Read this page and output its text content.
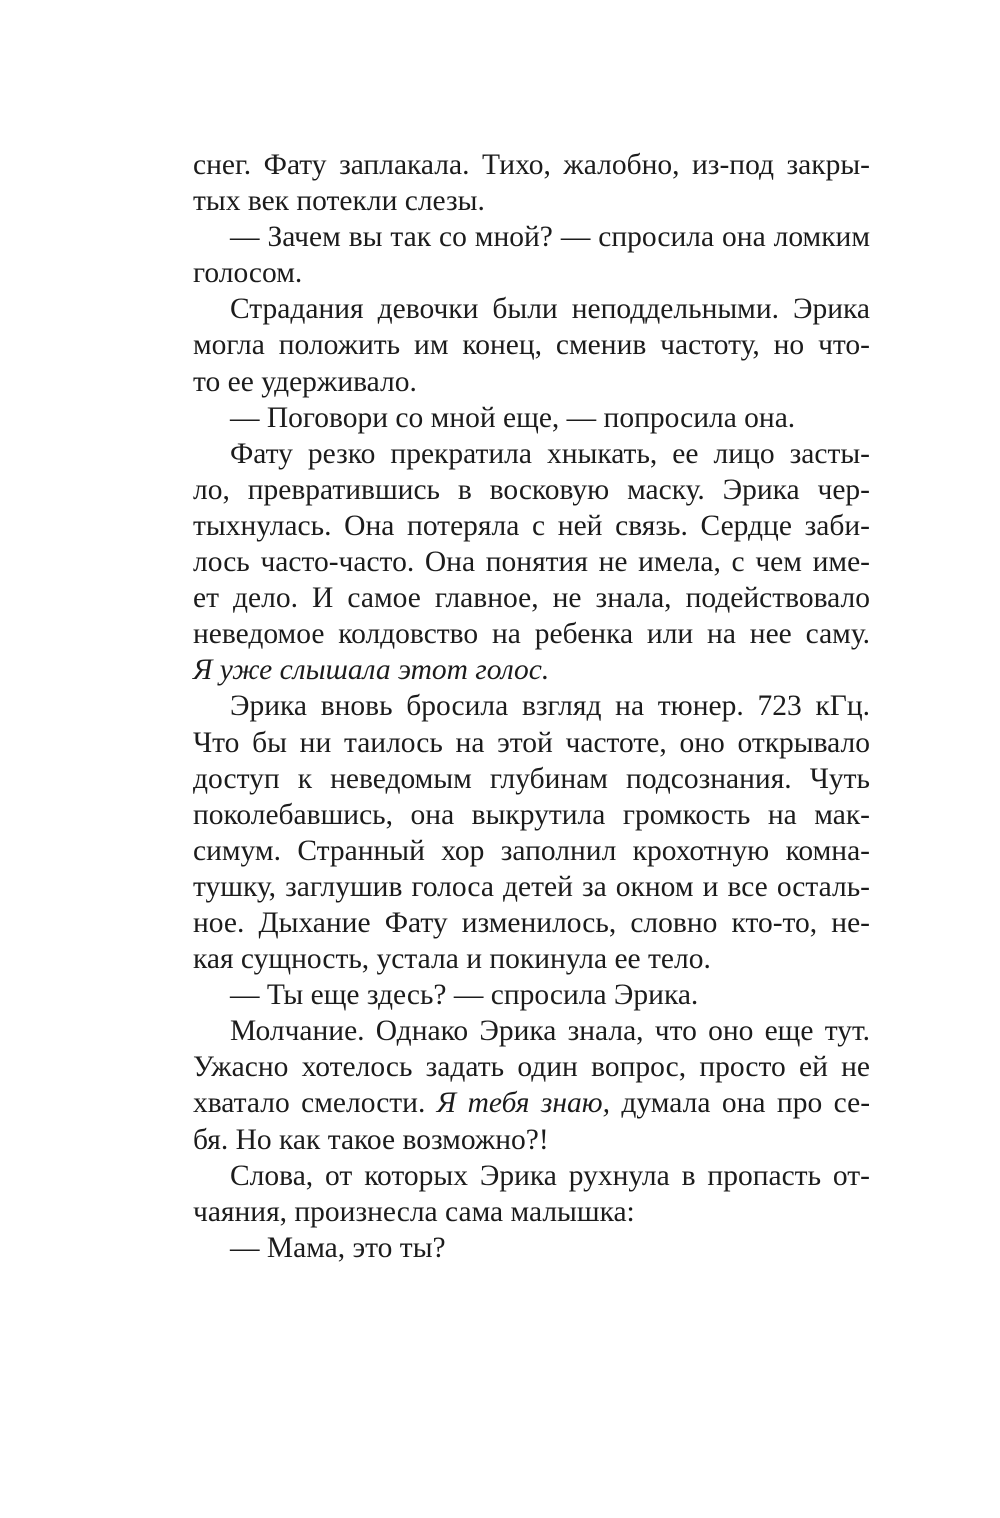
снег. Фату заплакала. Тихо, жалобно, из-под закры-
тых век потекли слезы.
— Зачем вы так со мной? — спросила она ломким
голосом.
Страдания девочки были неподдельными. Эрика
могла положить им конец, сменив частоту, но что-
то ее удерживало.
— Поговори со мной еще, — попросила она.
Фату резко прекратила хныкать, ее лицо засты-
ло, превратившись в восковую маску. Эрика чер-
тыхнулась. Она потеряла с ней связь. Сердце заби-
лось часто-часто. Она понятия не имела, с чем име-
ет дело. И самое главное, не знала, подействовало
неведомое колдовство на ребенка или на нее саму.
Я уже слышала этот голос.
Эрика вновь бросила взгляд на тюнер. 723 кГц.
Что бы ни таилось на этой частоте, оно открывало
доступ к неведомым глубинам подсознания. Чуть
поколебавшись, она выкрутила громкость на мак-
симум. Странный хор заполнил крохотную комна-
тушку, заглушив голоса детей за окном и все осталь-
ное. Дыхание Фату изменилось, словно кто-то, не-
кая сущность, устала и покинула ее тело.
— Ты еще здесь? — спросила Эрика.
Молчание. Однако Эрика знала, что оно еще тут.
Ужасно хотелось задать один вопрос, просто ей не
хватало смелости. Я тебя знаю, думала она про се-
бя. Но как такое возможно?!
Слова, от которых Эрика рухнула в пропасть от-
чаяния, произнесла сама малышка:
— Мама, это ты?
